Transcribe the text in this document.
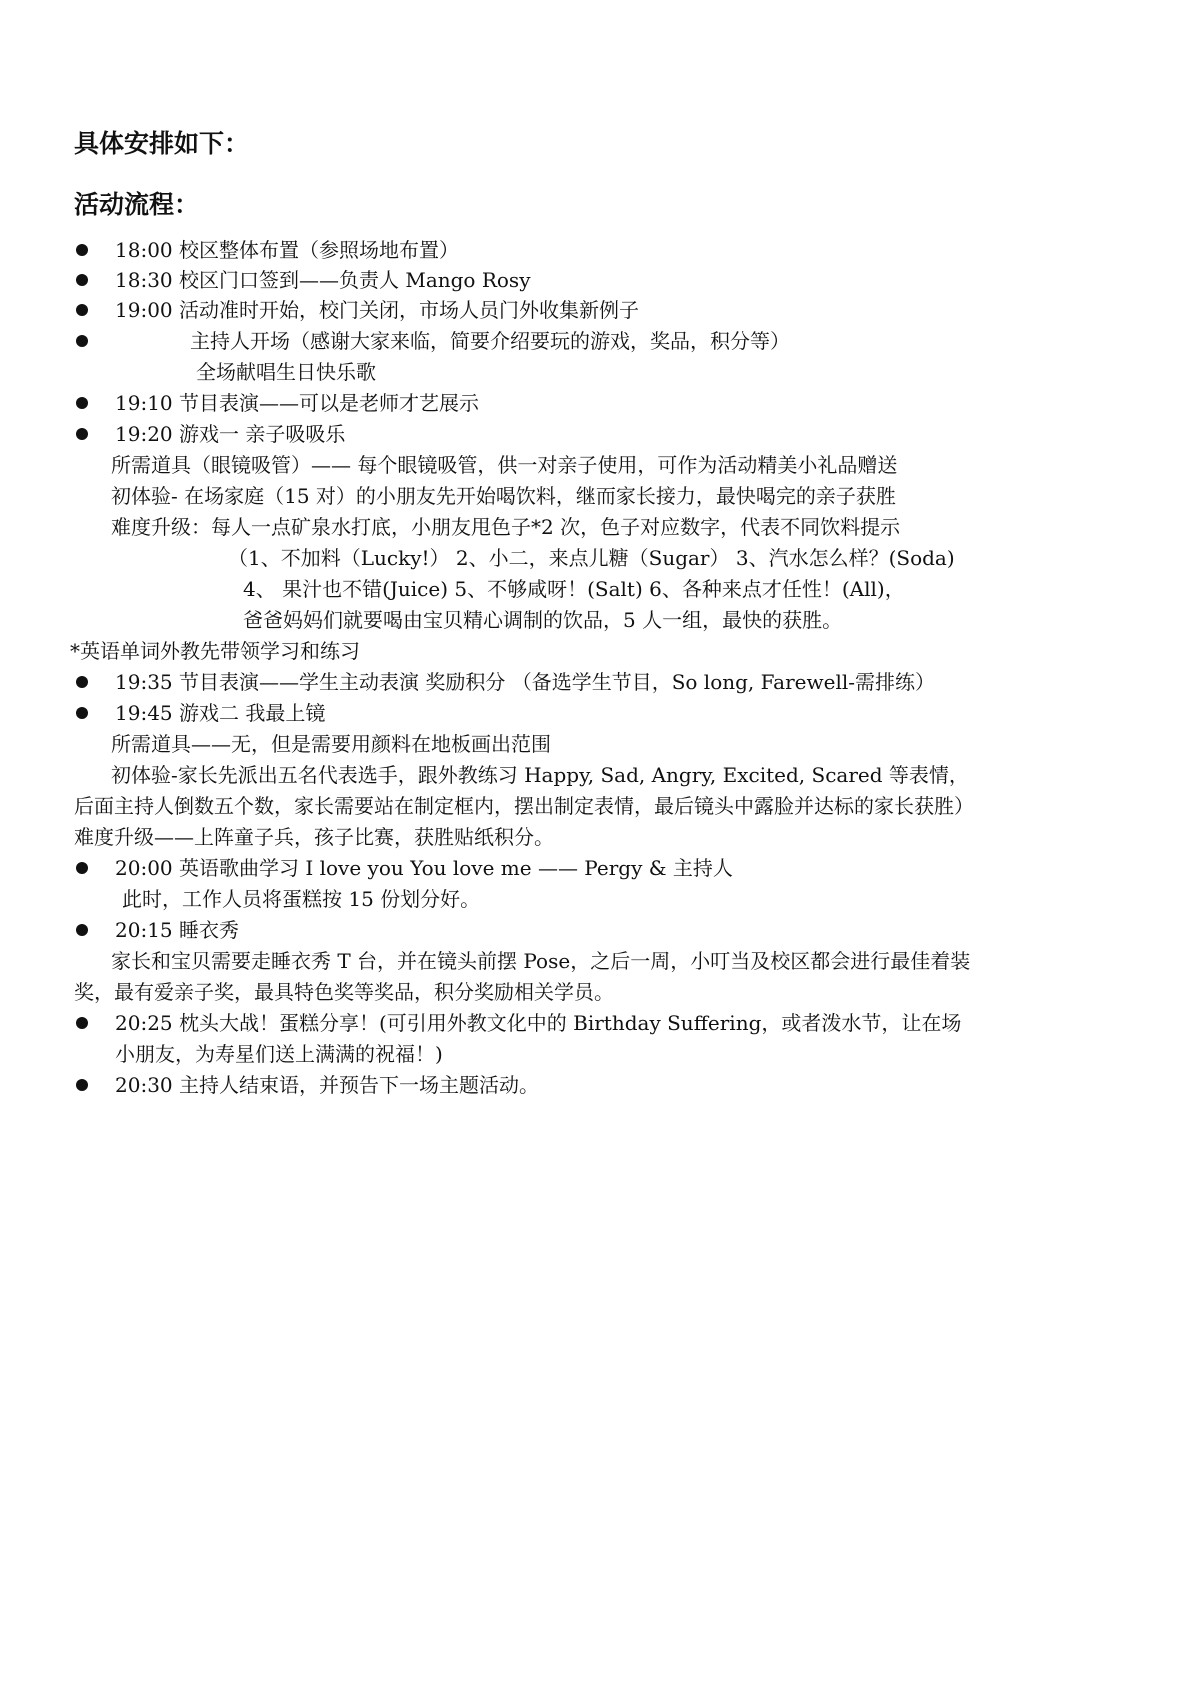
具体安排如下：
活动流程：
18:00 校区整体布置（参照场地布置）
18:30 校区门口签到——负责人 Mango Rosy
19:00 活动准时开始，校门关闭，市场人员门外收集新例子
主持人开场（感谢大家来临，简要介绍要玩的游戏，奖品，积分等）
全场献唱生日快乐歌
19:10 节目表演——可以是老师才艺展示
19:20 游戏一 亲子吸吸乐
所需道具（眼镜吸管）—— 每个眼镜吸管，供一对亲子使用，可作为活动精美小礼品赠送
初体验- 在场家庭（15 对）的小朋友先开始喝饮料，继而家长接力，最快喝完的亲子获胜
难度升级：每人一点矿泉水打底，小朋友甩色子*2 次，色子对应数字，代表不同饮料提示
（1、不加料（Lucky!） 2、小二，来点儿糖（Sugar） 3、汽水怎么样？(Soda)
4、 果汁也不错(Juice) 5、不够咸呀！(Salt) 6、各种来点才任性！(All)，
爸爸妈妈们就要喝由宝贝精心调制的饮品，5 人一组，最快的获胜。
*英语单词外教先带领学习和练习
19:35 节目表演——学生主动表演 奖励积分 （备选学生节目，So long, Farewell-需排练）
19:45 游戏二 我最上镜
所需道具——无，但是需要用颜料在地板画出范围
初体验-家长先派出五名代表选手，跟外教练习 Happy, Sad, Angry, Excited, Scared 等表情，
后面主持人倒数五个数，家长需要站在制定框内，摆出制定表情，最后镜头中露脸并达标的家长获胜）
难度升级——上阵童子兵，孩子比赛，获胜贴纸积分。
20:00 英语歌曲学习 I love you You love me —— Pergy & 主持人
此时，工作人员将蛋糕按 15 份划分好。
20:15 睡衣秀
家长和宝贝需要走睡衣秀 T 台，并在镜头前摆 Pose，之后一周，小叮当及校区都会进行最佳着装
奖，最有爱亲子奖，最具特色奖等奖品，积分奖励相关学员。
20:25 枕头大战！蛋糕分享！(可引用外教文化中的 Birthday Suffering，或者泼水节，让在场
小朋友，为寿星们送上满满的祝福！)
20:30 主持人结束语，并预告下一场主题活动。
